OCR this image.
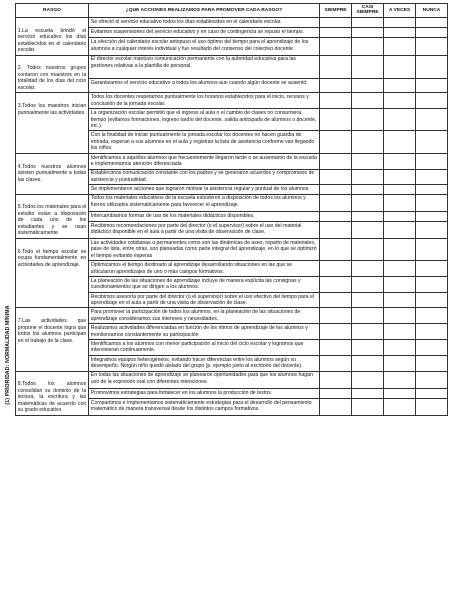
(1) PRIORIDAD: NORMALIDAD MÍNIMA
RASGO	¿QUE ACCIONES REALIZAMOS PARA PROMOVER CADA RASGO?	SIEMPRE	CASI SIEMPRE	A VECES	NUNCA

1.La escuela brindó el servicio educativo los días establecidos en el calendario escolar.	Se ofreció el servicio educativo todos los días establecidos en el calendario escolar.				
	Evitamos suspensiones del servicio educativo y en caso de contingencia se repuso el tiempo.				
	La elección del calendario escolar antepuso el uso óptimo del tiempo para el aprendizaje de los alumnos a cualquier interés individual y fue resultado del consenso del colectivo docente.				

2. Todos nuestros grupos contaron con maestros en la totalidad de los días del ciclo escolar.	El director escolar mantuvo comunicación permanente con la autoridad educativa para las gestiones relativas a la plantilla de personal.				
	Garantizamos el servicio educativo a todos los alumnos aun cuando algún docente se ausentó.				

3.Todos los maestros inician puntualmente las actividades.	Todos los docentes respetamos puntualmente los horarios establecidos para el inicio, recesos y conclusión de la jornada escolar.				
	La organización escolar permitió que el ingreso al aula o el cambio de clases no consumiera tiempo (evitamos formaciones, ingreso tardío del docente, salida anticipada de alumnos o docente, etc.).				
	Con la finalidad de iniciar puntualmente la jornada escolar los docentes no hacen guardia de entrada, esperan a sus alumnos en el aula y registran la lista de asistencia conforme van llegando los niños.				

4.Todos nuestros alumnos asisten puntualmente a todas las clases.	Identificamos a aquellos alumnos que frecuentemente llegaron tarde o se ausentaron de la escuela e implementamos atención diferenciada				
	Establecimos comunicación constante con los padres y se generaron acuerdos y compromisos de asistencia y puntualidad.				
	Se implementaron acciones que lograron motivar la asistencia regular y puntual de los alumnos.				

5.Todos los materiales para el estudio están a disposición de cada uno de los estudiantes y se usan sistemáticamente.	Todos los materiales educativos de la escuela estuvieron a disposición de todos los alumnos y fueron utilizados sistemáticamente para favorecer el aprendizaje.				
	Intercambiamos formas de uso de los materiales didácticos disponibles.				
	Recibimos recomendaciones por parte del director (o el supervisor) sobre el uso del material didáctico disponible en el aula a partir de una visita de observación de clase.				

6.Todo el tiempo escolar se ocupa fundamentalmente en actividades de aprendizaje.	Las actividades cotidianas o permanentes como son las dinámicas de aseo, reparto de materiales, pase de lista, entre otras, son planeadas como parte integral del aprendizaje, en lo que se optimizó el tiempo evitando esperas				
	Optimizamos el tiempo destinado al aprendizaje desarrollando situaciones en las que se articularon aprendizajes de uno o más campos formativos.				
	La planeación de las situaciones de aprendizaje incluye de manera explícita las consignas y cuestionamientos que se dirigen a los alumnos.				
	Recibimos asesoría por parte del director (o el supervisor) sobre el uso efectivo del tiempo para el aprendizaje en el aula a partir de una visita de observación de clase.				

7.Las actividades que propone el docente logra que todos los alumnos participan en el trabajo de la clase.	Para promover la participación de todos los alumnos, en la planeación de las situaciones de aprendizaje consideramos sus intereses y necesidades.				
	Realizamos actividades diferenciadas en función de los ritmos de aprendizaje de los alumnos y monitoreamos constantemente su participación				
	Identificamos a los alumnos con menor participación al inicio del ciclo escolar y logramos que intervinieran continuamente.				
	Integramos equipos heterogéneos, evitando hacer diferencias entre los alumnos según su desempeño. Ningún niño quedó aislado del grupo (p. ejemplo junto al escritorio del docente).				

8.Todos los alumnos consolidan su dominio de la lectura, la escritura y las matemáticas de acuerdo con su grado educativo	En todas las situaciones de aprendizaje se planearon oportunidades para que los alumnos hagan uso de la expresión oral con diferentes intenciones.				
	Promovimos estrategias para fortalecer en los alumnos la producción de textos.				
	Compartimos e implementamos sistemáticamente estrategias para el desarrollo del pensamiento matemático de manera transversal desde los distintos campos formativos.				
